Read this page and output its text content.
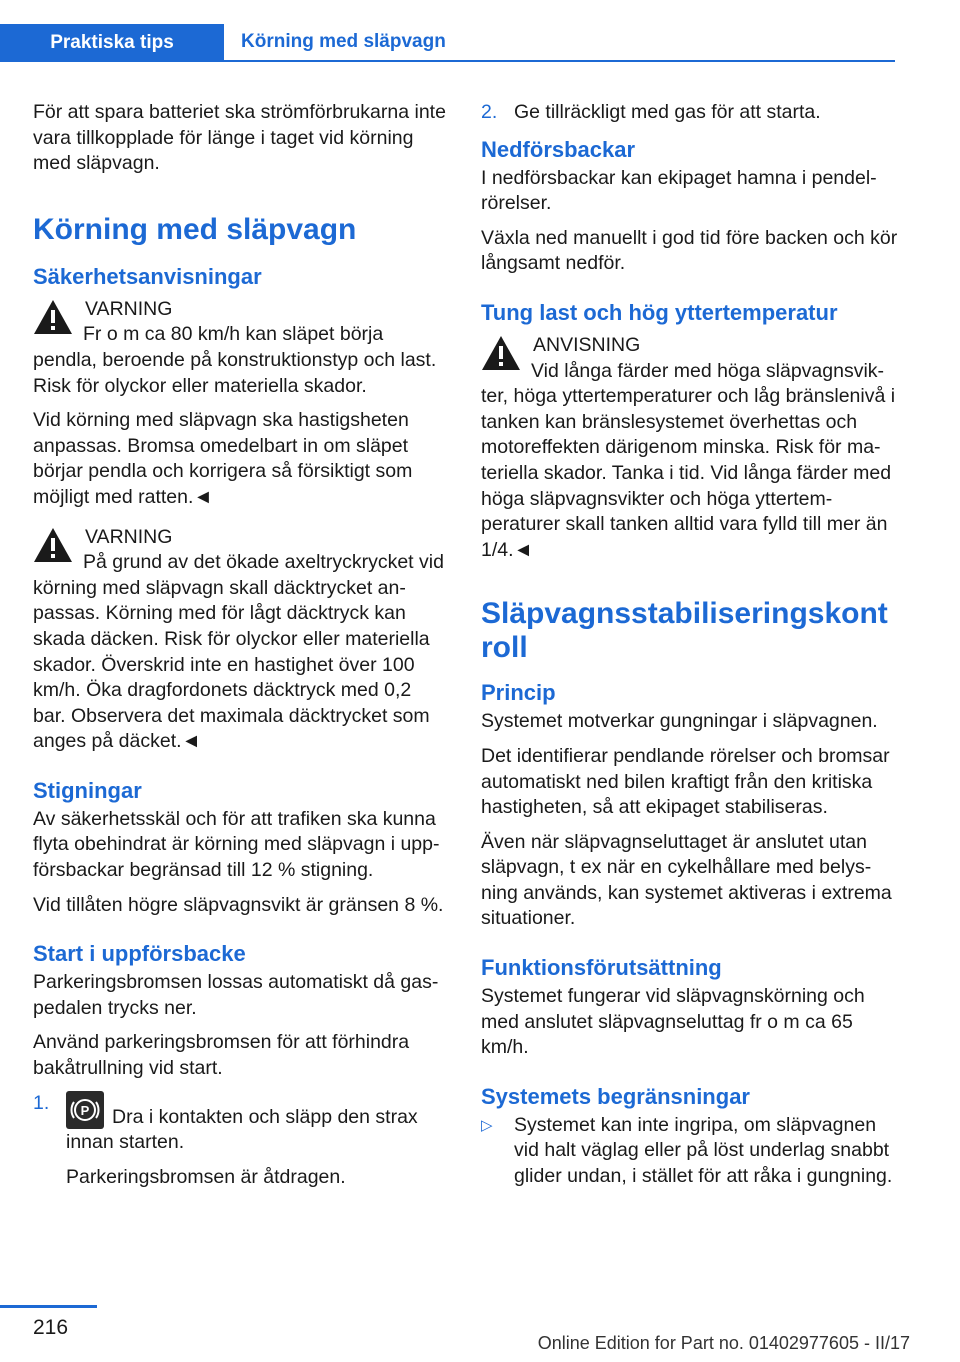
Praktiska tips	Körning med släpvagn

För att spara batteriet ska strömförbrukarna inte vara tillkopplade för länge i taget vid körning med släpvagn.

Körning med släpvagn
Säkerhetsanvisningar
VARNING

Fr o m ca 80 km/h kan släpet börja pendla, beroende på konstruktionstyp och last. Risk för olyckor eller materiella skador.

Vid körning med släpvagn ska hastigsheten anpassas. Bromsa omedelbart in om släpet börjar pendla och korrigera så försiktigt som möjligt med ratten.◄

VARNING

På grund av det ökade axeltryckrycket vid körning med släpvagn skall däcktrycket anpassas. Körning med för lågt däcktryck kan skada däcken. Risk för olyckor eller materiella skador. Överskrid inte en hastighet över 100 km/h. Öka dragfordonets däcktryck med 0,2 bar. Observera det maximala däcktrycket som anges på däcket.◄

Stigningar

Av säkerhetsskäl och för att trafiken ska kunna flyta obehindrat är körning med släpvagn i uppförsbackar begränsad till 12 % stigning.

Vid tillåten högre släpvagnsvikt är gränsen 8 %.

Start i uppförsbacke

Parkeringsbromsen lossas automatiskt då gaspedalen trycks ner.

Använd parkeringsbromsen för att förhindra bakåtrullning vid start.

1.	P Dra i kontakten och släpp den strax innan starten.

Parkeringsbromsen är åtdragen.

2. Ge tillräckligt med gas för att starta.
Nedförsbackar

I nedförsbackar kan ekipaget hamna i pendelrörelser.

Växla ned manuellt i god tid före backen och kör långsamt nedför.

Tung last och hög yttertemperatur
ANVISNING

Vid långa färder med höga släpvagnsvikter, höga yttertemperaturer och låg bränslenivå i tanken kan bränslesystemet överhettas och motoreffekten därigenom minska. Risk för materiella skador. Tanka i tid. Vid långa färder med höga släpvagnsvikter och höga yttertemperaturer skall tanken alltid vara fylld till mer än 1/4.◄

Släpvagnsstabiliseringskontroll
Princip

Systemet motverkar gungningar i släpvagnen.

Det identifierar pendlande rörelser och bromsar automatiskt ned bilen kraftigt från den kritiska hastigheten, så att ekipaget stabiliseras.

Även när släpvagnseluttaget är anslutet utan släpvagn, t ex när en cykelhållare med belysning används, kan systemet aktiveras i extrema situationer.

Funktionsförutsättning

Systemet fungerar vid släpvagnskörning och med anslutet släpvagnseluttag fr o m ca 65 km/h.

Systemets begränsningar
▷	Systemet kan inte ingripa, om släpvagnen vid halt väglag eller på löst underlag snabbt glider undan, i stället för att råka i gungning.
216
Online Edition for Part no. 01402977605 - II/17
